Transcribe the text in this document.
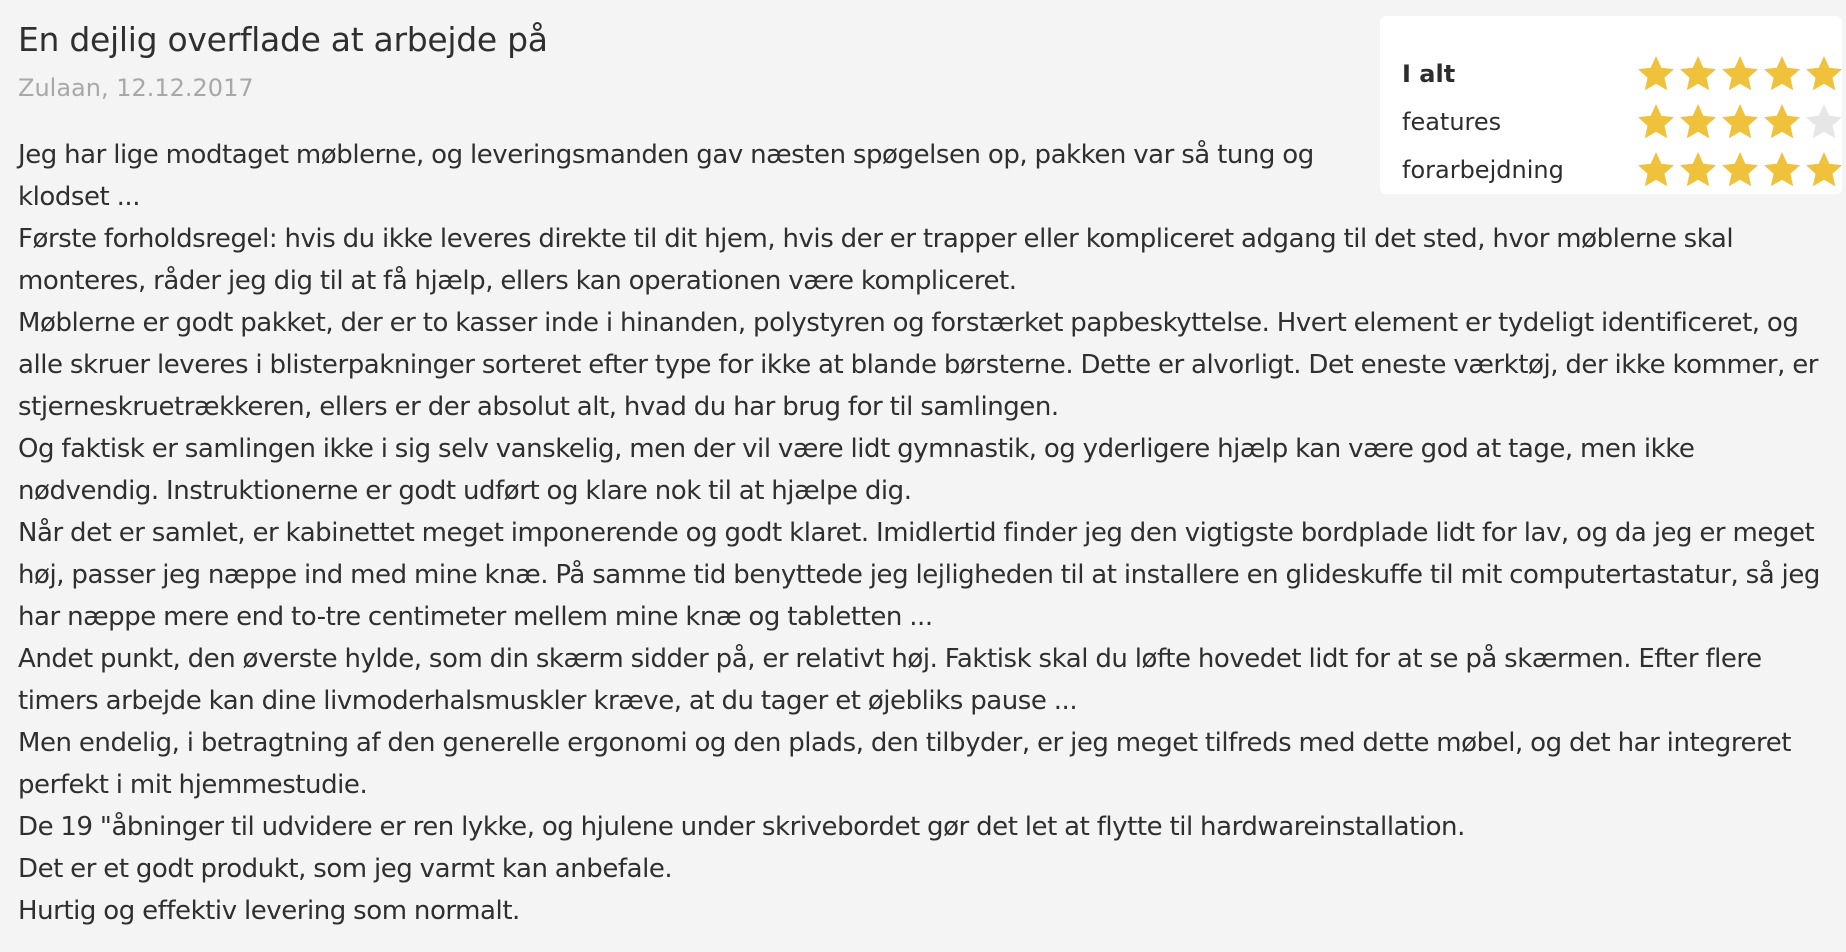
En dejlig overflade at arbejde på
Zulaan, 12.12.2017	I alt
features
forarbejdning

Jeg har lige modtaget møblerne, og leveringsmanden gav næsten spøgelsen op, pakken var så tung og klodset ...

Første forholdsregel: hvis du ikke leveres direkte til dit hjem, hvis der er trapper eller kompliceret adgang til det sted, hvor møblerne skal monteres, råder jeg dig til at få hjælp, ellers kan operationen være kompliceret.

Møblerne er godt pakket, der er to kasser inde i hinanden, polystyren og forstærket papbeskyttelse. Hvert element er tydeligt identificeret, og alle skruer leveres i blisterpakninger sorteret efter type for ikke at blande børsterne. Dette er alvorligt. Det eneste værktøj, der ikke kommer, er stjerneskruetrækkeren, ellers er der absolut alt, hvad du har brug for til samlingen.

Og faktisk er samlingen ikke i sig selv vanskelig, men der vil være lidt gymnastik, og yderligere hjælp kan være god at tage, men ikke nødvendig. Instruktionerne er godt udført og klare nok til at hjælpe dig.

Når det er samlet, er kabinettet meget imponerende og godt klaret. Imidlertid finder jeg den vigtigste bordplade lidt for lav, og da jeg er meget høj, passer jeg næppe ind med mine knæ. På samme tid benyttede jeg lejligheden til at installere en glideskuffe til mit computertastatur, så jeg har næppe mere end to-tre centimeter mellem mine knæ og tabletten ...

Andet punkt, den øverste hylde, som din skærm sidder på, er relativt høj. Faktisk skal du løfte hovedet lidt for at se på skærmen. Efter flere timers arbejde kan dine livmoderhalsmuskler kræve, at du tager et øjebliks pause ...

Men endelig, i betragtning af den generelle ergonomi og den plads, den tilbyder, er jeg meget tilfreds med dette møbel, og det har integreret perfekt i mit hjemmestudie.

De 19 "åbninger til udvidere er ren lykke, og hjulene under skrivebordet gør det let at flytte til hardwareinstallation.

Det er et godt produkt, som jeg varmt kan anbefale.

Hurtig og effektiv levering som normalt.
